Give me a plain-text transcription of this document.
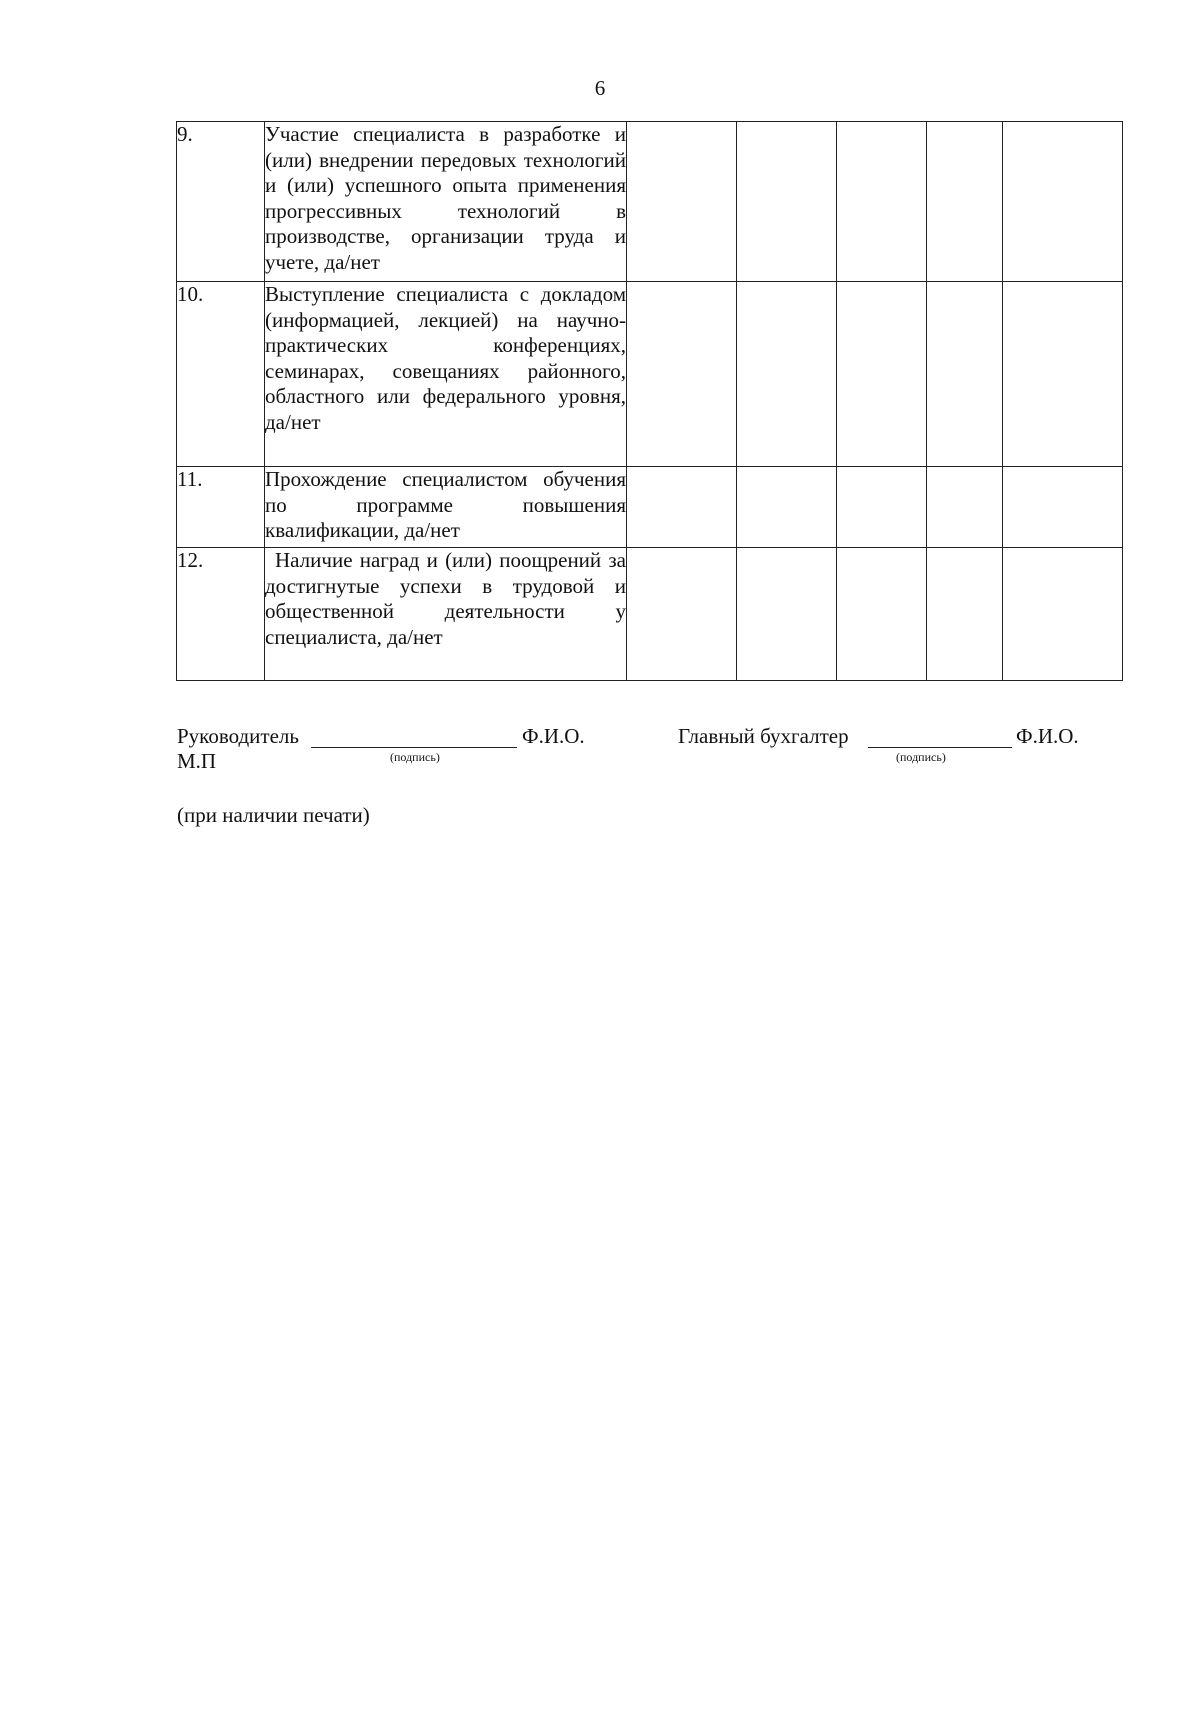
6
9.	Участие специалиста в разработке и (или) внедрении передовых технологий и (или) успешного опыта применения прогрессивных технологий в производстве, организации труда и учете, да/нет					
10.	Выступление специалиста с докладом (информацией, лекцией) на научно-практических конференциях, семинарах, совещаниях районного, областного или федерального уровня, да/нет					
11.	Прохождение специалистом обучения по программе повышения квалификации, да/нет					
12.	Наличие наград и (или) поощрений за достигнутые успехи в трудовой и общественной деятельности у специалиста, да/нет					
Руководитель	Ф.И.О.
(подпись)
М.П
Главный бухгалтер	Ф.И.О.
(подпись)
(при наличии печати)
